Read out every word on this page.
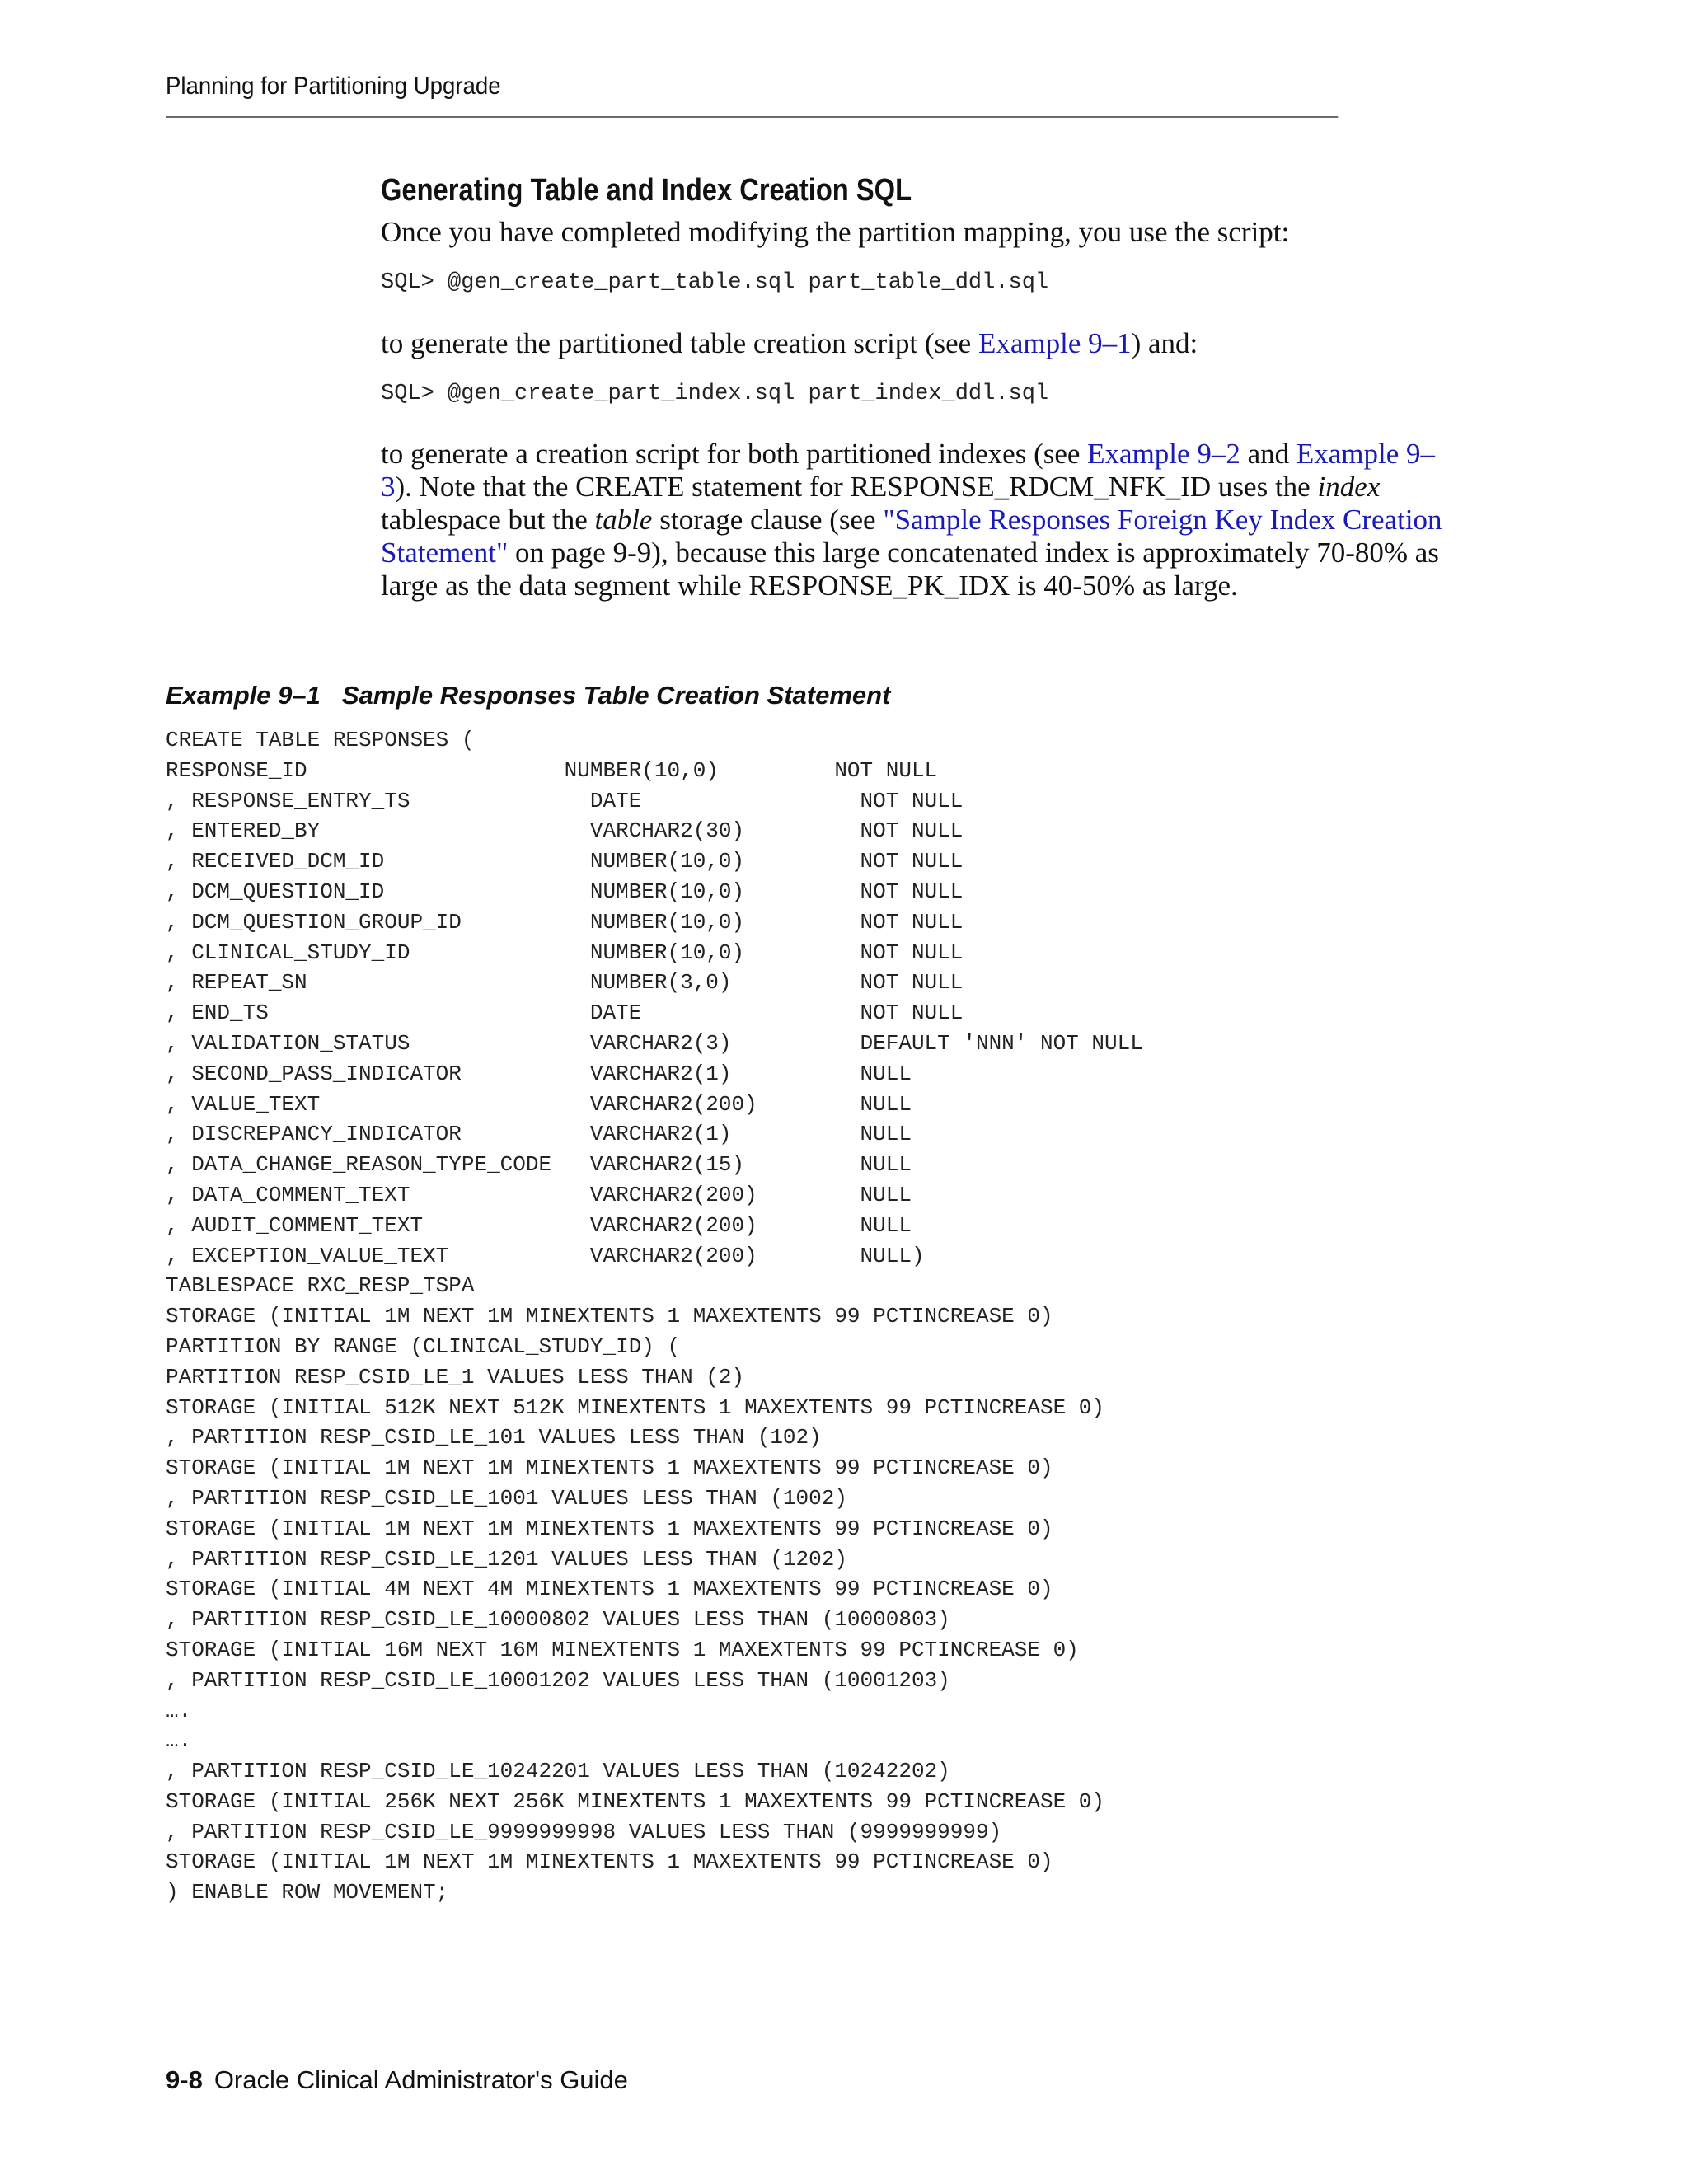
Planning for Partitioning Upgrade
Generating Table and Index Creation SQL

Once you have completed modifying the partition mapping, you use the script:

SQL> @gen_create_part_table.sql part_table_ddl.sql

to generate the partitioned table creation script (see Example 9–1) and:

SQL> @gen_create_part_index.sql part_index_ddl.sql

to generate a creation script for both partitioned indexes (see Example 9–2 and Example 9–3). Note that the CREATE statement for RESPONSE_RDCM_NFK_ID uses the index tablespace but the table storage clause (see "Sample Responses Foreign Key Index Creation Statement" on page 9-9), because this large concatenated index is approximately 70-80% as large as the data segment while RESPONSE_PK_IDX is 40-50% as large.

Example 9–1 Sample Responses Table Creation Statement
CREATE TABLE RESPONSES (
RESPONSE_ID                    NUMBER(10,0)         NOT NULL
, RESPONSE_ENTRY_TS              DATE                 NOT NULL
, ENTERED_BY                     VARCHAR2(30)         NOT NULL
, RECEIVED_DCM_ID                NUMBER(10,0)         NOT NULL
, DCM_QUESTION_ID                NUMBER(10,0)         NOT NULL
, DCM_QUESTION_GROUP_ID          NUMBER(10,0)         NOT NULL
, CLINICAL_STUDY_ID              NUMBER(10,0)         NOT NULL
, REPEAT_SN                      NUMBER(3,0)          NOT NULL
, END_TS                         DATE                 NOT NULL
, VALIDATION_STATUS              VARCHAR2(3)          DEFAULT 'NNN' NOT NULL
, SECOND_PASS_INDICATOR          VARCHAR2(1)          NULL
, VALUE_TEXT                     VARCHAR2(200)        NULL
, DISCREPANCY_INDICATOR          VARCHAR2(1)          NULL
, DATA_CHANGE_REASON_TYPE_CODE   VARCHAR2(15)         NULL
, DATA_COMMENT_TEXT              VARCHAR2(200)        NULL
, AUDIT_COMMENT_TEXT             VARCHAR2(200)        NULL
, EXCEPTION_VALUE_TEXT           VARCHAR2(200)        NULL)
TABLESPACE RXC_RESP_TSPA
STORAGE (INITIAL 1M NEXT 1M MINEXTENTS 1 MAXEXTENTS 99 PCTINCREASE 0)
PARTITION BY RANGE (CLINICAL_STUDY_ID) (
PARTITION RESP_CSID_LE_1 VALUES LESS THAN (2)
STORAGE (INITIAL 512K NEXT 512K MINEXTENTS 1 MAXEXTENTS 99 PCTINCREASE 0)
, PARTITION RESP_CSID_LE_101 VALUES LESS THAN (102)
STORAGE (INITIAL 1M NEXT 1M MINEXTENTS 1 MAXEXTENTS 99 PCTINCREASE 0)
, PARTITION RESP_CSID_LE_1001 VALUES LESS THAN (1002)
STORAGE (INITIAL 1M NEXT 1M MINEXTENTS 1 MAXEXTENTS 99 PCTINCREASE 0)
, PARTITION RESP_CSID_LE_1201 VALUES LESS THAN (1202)
STORAGE (INITIAL 4M NEXT 4M MINEXTENTS 1 MAXEXTENTS 99 PCTINCREASE 0)
, PARTITION RESP_CSID_LE_10000802 VALUES LESS THAN (10000803)
STORAGE (INITIAL 16M NEXT 16M MINEXTENTS 1 MAXEXTENTS 99 PCTINCREASE 0)
, PARTITION RESP_CSID_LE_10001202 VALUES LESS THAN (10001203)
….
….
, PARTITION RESP_CSID_LE_10242201 VALUES LESS THAN (10242202)
STORAGE (INITIAL 256K NEXT 256K MINEXTENTS 1 MAXEXTENTS 99 PCTINCREASE 0)
, PARTITION RESP_CSID_LE_9999999998 VALUES LESS THAN (9999999999)
STORAGE (INITIAL 1M NEXT 1M MINEXTENTS 1 MAXEXTENTS 99 PCTINCREASE 0)
) ENABLE ROW MOVEMENT;
9-8 Oracle Clinical Administrator's Guide
